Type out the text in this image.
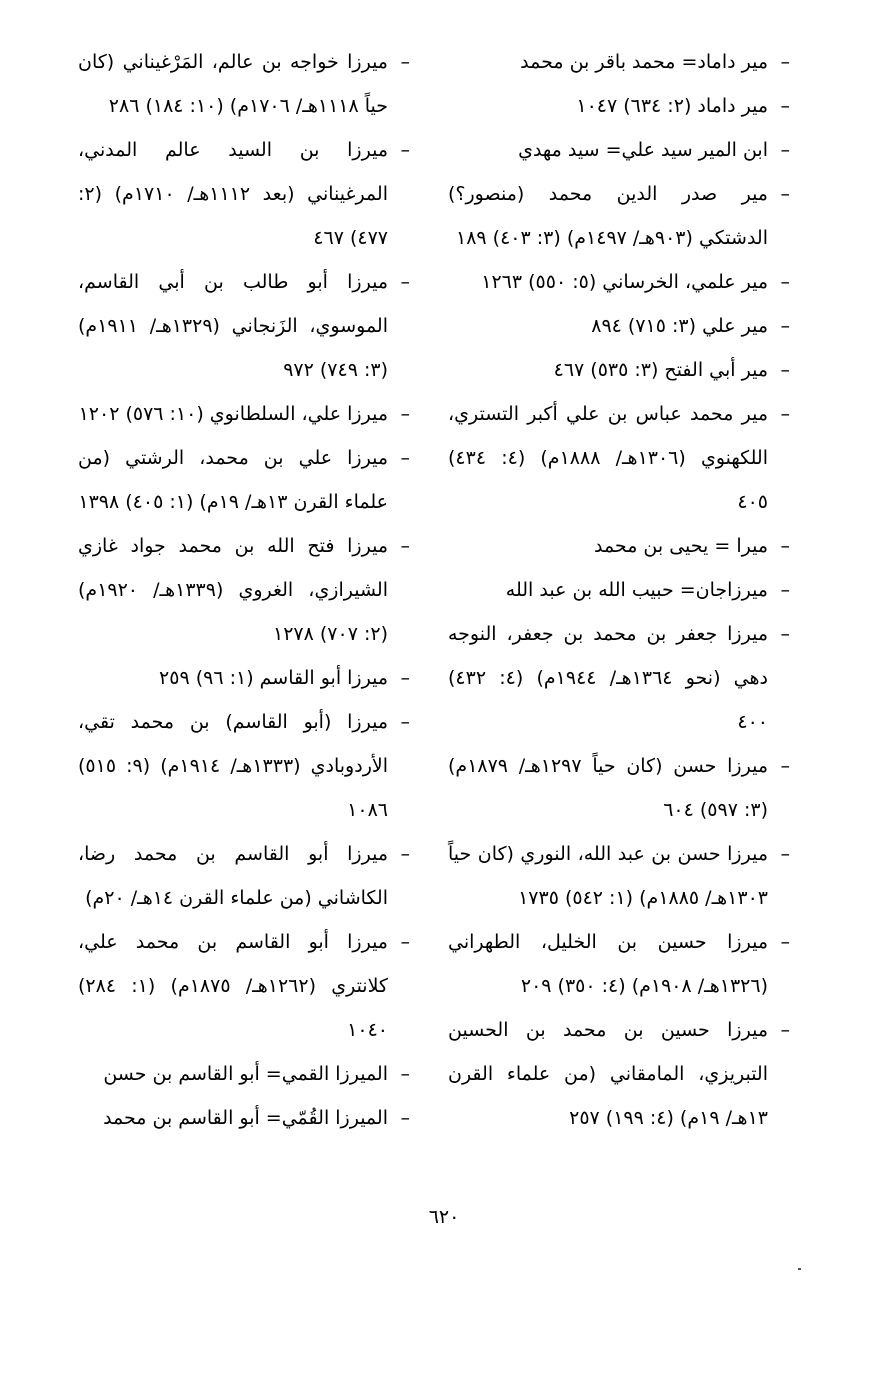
–
مير داماد= محمد باقر بن محمد
–
مير داماد (٢: ٦٣٤) ١٠٤٧
–
ابن المير سيد علي= سيد مهدي
–
مير صدر الدين محمد (منصور؟) الدشتكي (٩٠٣هـ/ ١٤٩٧م) (٣: ٤٠٣) ١٨٩
–
مير علمي، الخرساني (٥: ٥٥٠) ١٢٦٣
–
مير علي (٣: ٧١٥) ٨٩٤
–
مير أبي الفتح (٣: ٥٣٥) ٤٦٧
–
مير محمد عباس بن علي أكبر التستري، اللكهنوي (١٣٠٦هـ/ ١٨٨٨م) (٤: ٤٣٤) ٤٠٥
–
ميرا = يحيى بن محمد
–
ميرزاجان= حبيب الله بن عبد الله
–
ميرزا جعفر بن محمد بن جعفر، النوجه دهي (نحو ١٣٦٤هـ/ ١٩٤٤م) (٤: ٤٣٢) ٤٠٠
–
ميرزا حسن (كان حياً ١٢٩٧هـ/ ١٨٧٩م) (٣: ٥٩٧) ٦٠٤
–
ميرزا حسن بن عبد الله، النوري (كان حياً ١٣٠٣هـ/ ١٨٨٥م) (١: ٥٤٢) ١٧٣٥
–
ميرزا حسين بن الخليل، الطهراني (١٣٢٦هـ/ ١٩٠٨م) (٤: ٣٥٠) ٢٠٩
–
ميرزا حسين بن محمد بن الحسين التبريزي، المامقاني (من علماء القرن ١٣هـ/ ١٩م) (٤: ١٩٩) ٢٥٧
–
ميرزا خواجه بن عالم، المَرْغيناني (كان حياً ١١١٨هـ/ ١٧٠٦م) (١٠: ١٨٤) ٢٨٦
–
ميرزا بن السيد عالم المدني، المرغيناني (بعد ١١١٢هـ/ ١٧١٠م) (٢: ٤٧٧) ٤٦٧
–
ميرزا أبو طالب بن أبي القاسم، الموسوي، الزَنجاني (١٣٢٩هـ/ ١٩١١م) (٣: ٧٤٩) ٩٧٢
–
ميرزا علي، السلطانوي (١٠: ٥٧٦) ١٢٠٢
–
ميرزا علي بن محمد، الرشتي (من علماء القرن ١٣هـ/ ١٩م) (١: ٤٠٥) ١٣٩٨
–
ميرزا فتح الله بن محمد جواد غازي الشيرازي، الغروي (١٣٣٩هـ/ ١٩٢٠م) (٢: ٧٠٧) ١٢٧٨
–
ميرزا أبو القاسم (١: ٩٦) ٢٥٩
–
ميرزا (أبو القاسم) بن محمد تقي، الأردوبادي (١٣٣٣هـ/ ١٩١٤م) (٩: ٥١٥) ١٠٨٦
–
ميرزا أبو القاسم بن محمد رضا، الكاشاني (من علماء القرن ١٤هـ/ ٢٠م)
–
ميرزا أبو القاسم بن محمد علي، كلانتري (١٢٦٢هـ/ ١٨٧٥م) (١: ٢٨٤) ١٠٤٠
–
الميرزا القمي= أبو القاسم بن حسن
–
الميرزا القُمّي= أبو القاسم بن محمد
٦٢٠
